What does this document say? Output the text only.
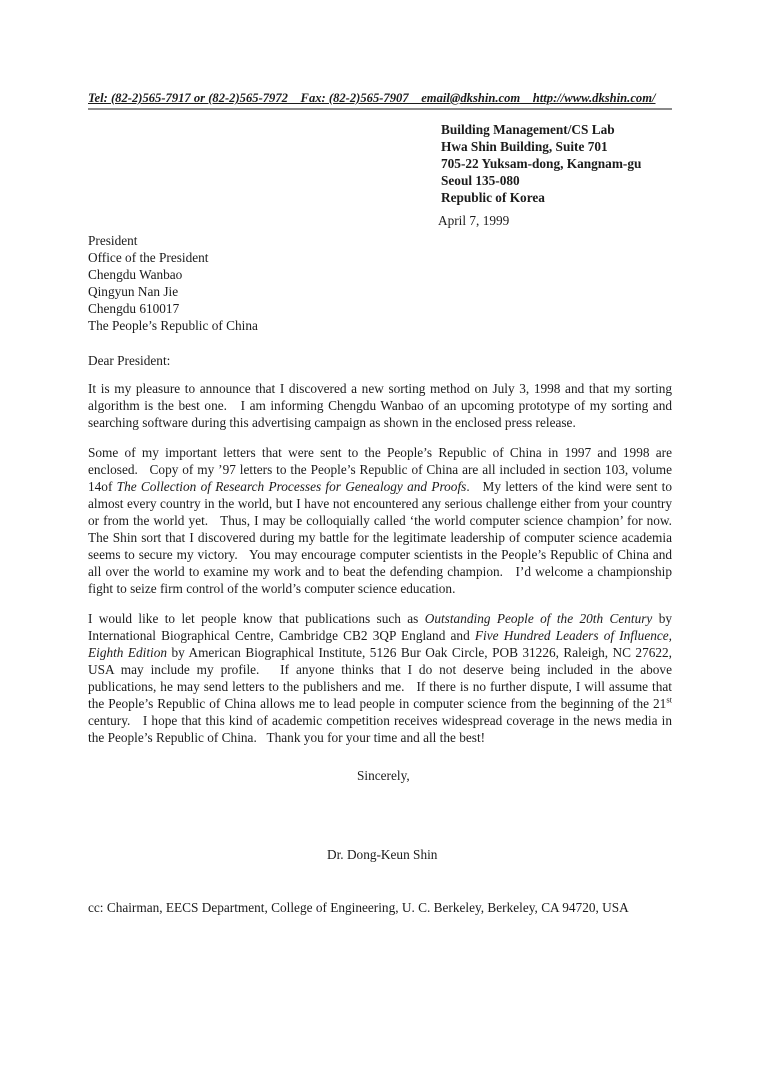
Tel: (82-2)565-7917 or (82-2)565-7972    Fax: (82-2)565-7907    email@dkshin.com    http://www.dkshin.com/
Building Management/CS Lab
Hwa Shin Building, Suite 701
705-22 Yuksam-dong, Kangnam-gu
Seoul 135-080
Republic of Korea
April 7, 1999
President
Office of the President
Chengdu Wanbao
Qingyun Nan Jie
Chengdu 610017
The People’s Republic of China
Dear President:

It is my pleasure to announce that I discovered a new sorting method on July 3, 1998 and that my sorting algorithm is the best one.   I am informing Chengdu Wanbao of an upcoming prototype of my sorting and searching software during this advertising campaign as shown in the enclosed press release.

Some of my important letters that were sent to the People’s Republic of China in 1997 and 1998 are enclosed.   Copy of my ’97 letters to the People’s Republic of China are all included in section 103, volume 14of The Collection of Research Processes for Genealogy and Proofs.   My letters of the kind were sent to almost every country in the world, but I have not encountered any serious challenge either from your country or from the world yet.   Thus, I may be colloquially called ‘the world computer science champion’ for now.   The Shin sort that I discovered during my battle for the legitimate leadership of computer science academia seems to secure my victory.   You may encourage computer scientists in the People’s Republic of China and all over the world to examine my work and to beat the defending champion.   I’d welcome a championship fight to seize firm control of the world’s computer science education.

I would like to let people know that publications such as Outstanding People of the 20th Century by International Biographical Centre, Cambridge CB2 3QP England and Five Hundred Leaders of Influence, Eighth Edition by American Biographical Institute, 5126 Bur Oak Circle, POB 31226, Raleigh, NC 27622, USA may include my profile.   If anyone thinks that I do not deserve being included in the above publications, he may send letters to the publishers and me.   If there is no further dispute, I will assume that the People’s Republic of China allows me to lead people in computer science from the beginning of the 21st century.   I hope that this kind of academic competition receives widespread coverage in the news media in the People’s Republic of China.   Thank you for your time and all the best!

Sincerely,
Dr. Dong-Keun Shin
cc: Chairman, EECS Department, College of Engineering, U. C. Berkeley, Berkeley, CA 94720, USA
